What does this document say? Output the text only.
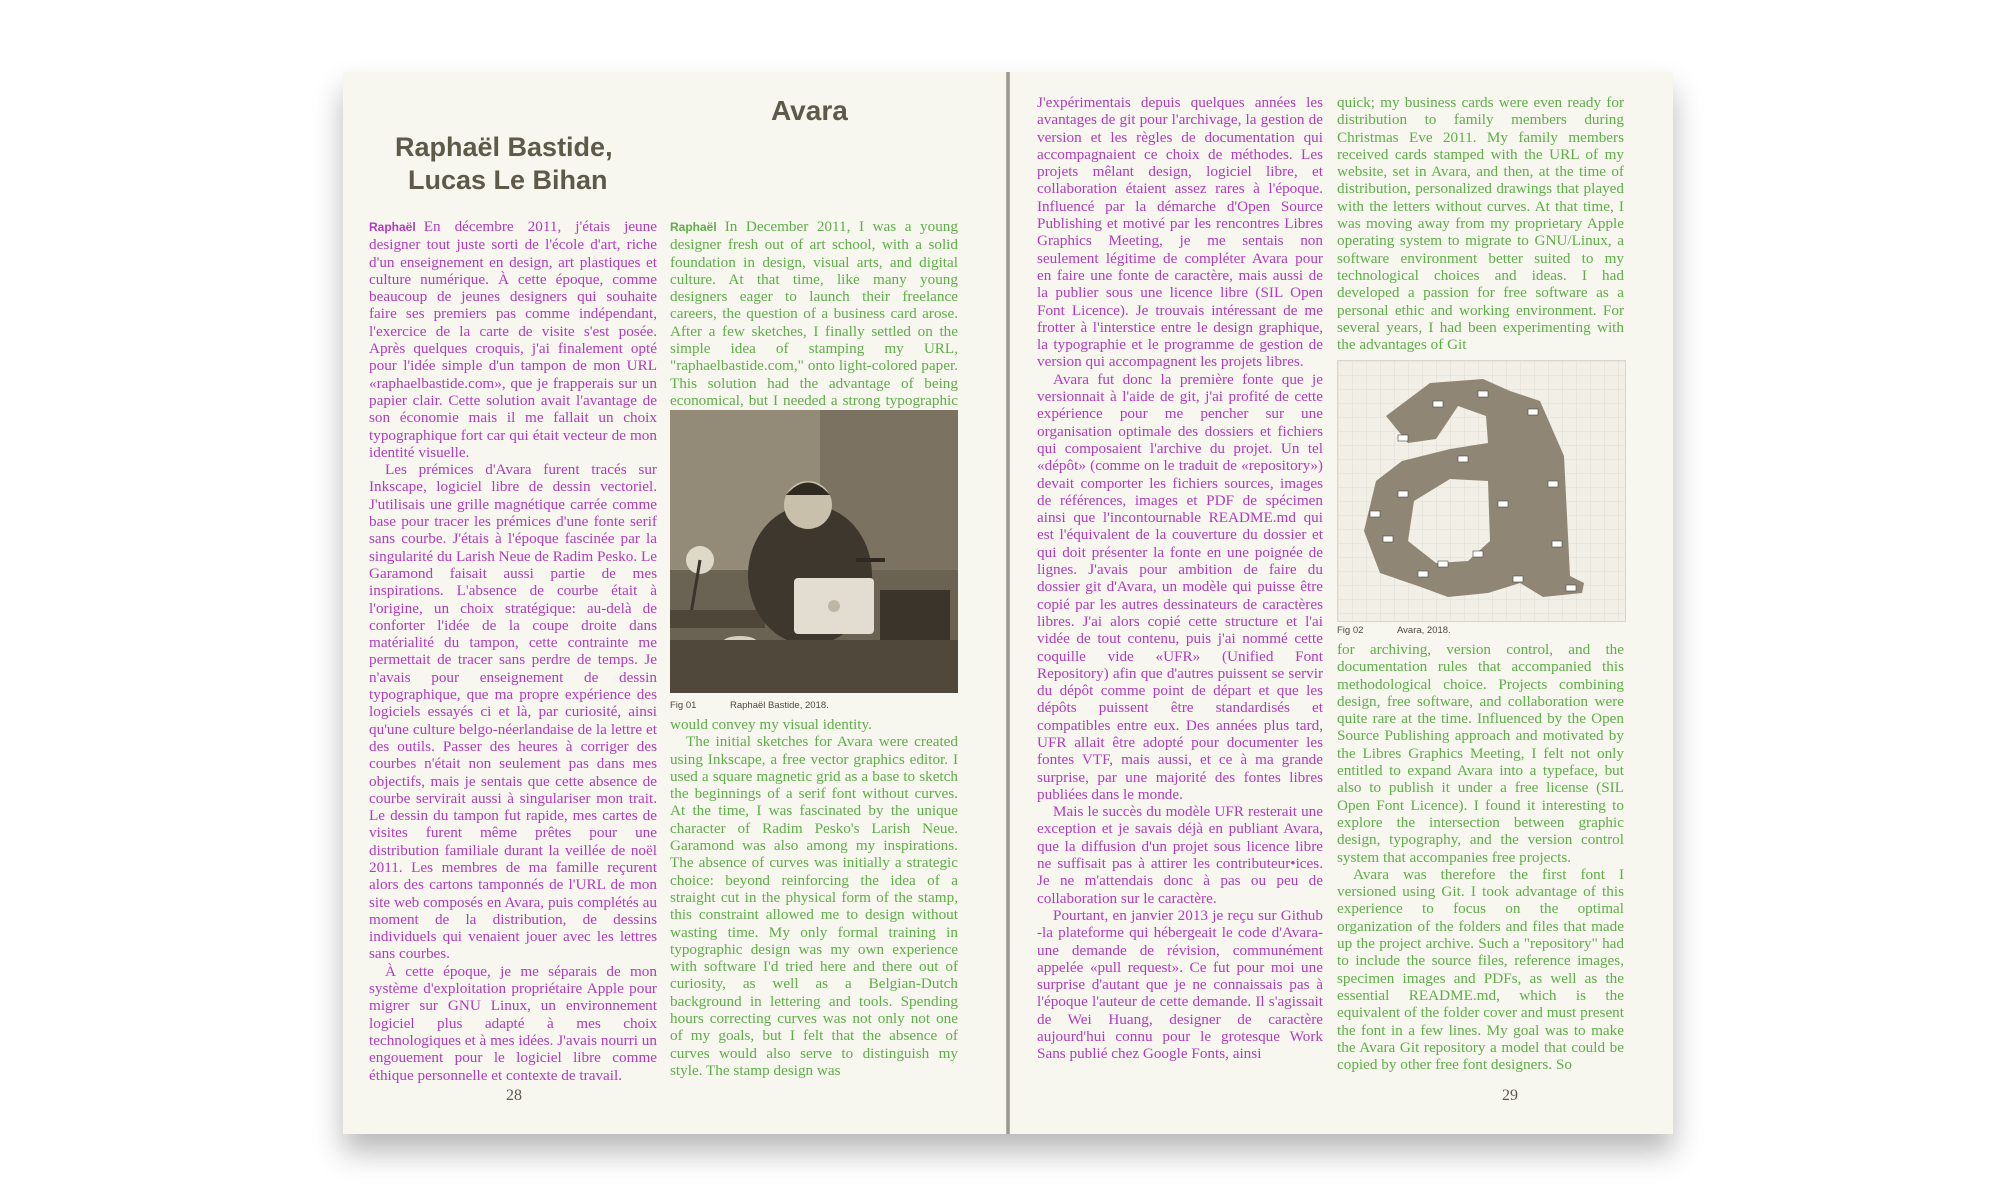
Avara
Raphaël Bastide,
Lucas Le Bihan

Raphaël En décembre 2011, j'étais jeune designer tout juste sorti de l'école d'art, riche d'un enseignement en design, art plastiques et culture numérique. À cette époque, comme beaucoup de jeunes designers qui souhaite faire ses premiers pas comme indépendant, l'exercice de la carte de visite s'est posée. Après quelques croquis, j'ai finalement opté pour l'idée simple d'un tampon de mon URL «raphaelbastide.com», que je frapperais sur un papier clair. Cette solution avait l'avantage de son économie mais il me fallait un choix typographique fort car qui était vecteur de mon identité visuelle.

Les prémices d'Avara furent tracés sur Inkscape, logiciel libre de dessin vectoriel. J'utilisais une grille magnétique carrée comme base pour tracer les prémices d'une fonte serif sans courbe. J'étais à l'époque fascinée par la singularité du Larish Neue de Radim Pesko. Le Garamond faisait aussi partie de mes inspirations. L'absence de courbe était à l'origine, un choix stratégique: au-delà de conforter l'idée de la coupe droite dans matérialité du tampon, cette contrainte me permettait de tracer sans perdre de temps. Je n'avais pour enseignement de dessin typographique, que ma propre expérience des logiciels essayés ci et là, par curiosité, ainsi qu'une culture belgo-néerlandaise de la lettre et des outils. Passer des heures à corriger des courbes n'était non seulement pas dans mes objectifs, mais je sentais que cette absence de courbe servirait aussi à singulariser mon trait. Le dessin du tampon fut rapide, mes cartes de visites furent même prêtes pour une distribution familiale durant la veillée de noël 2011. Les membres de ma famille reçurent alors des cartons tamponnés de l'URL de mon site web composés en Avara, puis complétés au moment de la distribution, de dessins individuels qui venaient jouer avec les lettres sans courbes.

À cette époque, je me séparais de mon système d'exploitation propriétaire Apple pour migrer sur GNU Linux, un environnement logiciel plus adapté à mes choix technologiques et à mes idées. J'avais nourri un engouement pour le logiciel libre comme éthique personnelle et contexte de travail.

Raphaël In December 2011, I was a young designer fresh out of art school, with a solid foundation in design, visual arts, and digital culture. At that time, like many young designers eager to launch their freelance careers, the question of a business card arose. After a few sketches, I finally settled on the simple idea of stamping my URL, "raphaelbastide.com," onto light-colored paper. This solution had the advantage of being economical, but I needed a strong typographic

Fig 01	Raphaël Bastide, 2018.

would convey my visual identity.

The initial sketches for Avara were created using Inkscape, a free vector graphics editor. I used a square magnetic grid as a base to sketch the beginnings of a serif font without curves. At the time, I was fascinated by the unique character of Radim Pesko's Larish Neue. Garamond was also among my inspirations. The absence of curves was initially a strategic choice: beyond reinforcing the idea of a straight cut in the physical form of the stamp, this constraint allowed me to design without wasting time. My only formal training in typographic design was my own experience with software I'd tried here and there out of curiosity, as well as a Belgian-Dutch background in lettering and tools. Spending hours correcting curves was not only not one of my goals, but I felt that the absence of curves would also serve to distinguish my style. The stamp design was

28

J'expérimentais depuis quelques années les avantages de git pour l'archivage, la gestion de version et les règles de documentation qui accompagnaient ce choix de méthodes. Les projets mêlant design, logiciel libre, et collaboration étaient assez rares à l'époque. Influencé par la démarche d'Open Source Publishing et motivé par les rencontres Libres Graphics Meeting, je me sentais non seulement légitime de compléter Avara pour en faire une fonte de caractère, mais aussi de la publier sous une licence libre (SIL Open Font Licence). Je trouvais intéressant de me frotter à l'interstice entre le design graphique, la typographie et le programme de gestion de version qui accompagnent les projets libres.

Avara fut donc la première fonte que je versionnait à l'aide de git, j'ai profité de cette expérience pour me pencher sur une organisation optimale des dossiers et fichiers qui composaient l'archive du projet. Un tel «dépôt» (comme on le traduit de «repository») devait comporter les fichiers sources, images de références, images et PDF de spécimen ainsi que l'incontournable README.md qui est l'équivalent de la couverture du dossier et qui doit présenter la fonte en une poignée de lignes. J'avais pour ambition de faire du dossier git d'Avara, un modèle qui puisse être copié par les autres dessinateurs de caractères libres. J'ai alors copié cette structure et l'ai vidée de tout contenu, puis j'ai nommé cette coquille vide «UFR» (Unified Font Repository) afin que d'autres puissent se servir du dépôt comme point de départ et que les dépôts puissent être standardisés et compatibles entre eux. Des années plus tard, UFR allait être adopté pour documenter les fontes VTF, mais aussi, et ce à ma grande surprise, par une majorité des fontes libres publiées dans le monde.

Mais le succès du modèle UFR resterait une exception et je savais déjà en publiant Avara, que la diffusion d'un projet sous licence libre ne suffisait pas à attirer les contributeur•ices. Je ne m'attendais donc à pas ou peu de collaboration sur le caractère.

Pourtant, en janvier 2013 je reçu sur Github -la plateforme qui hébergeait le code d'Avara- une demande de révision, communément appelée «pull request». Ce fut pour moi une surprise d'autant que je ne connaissais pas à l'époque l'auteur de cette demande. Il s'agissait de Wei Huang, designer de caractère aujourd'hui connu pour le grotesque Work Sans publié chez Google Fonts, ainsi

quick; my business cards were even ready for distribution to family members during Christmas Eve 2011. My family members received cards stamped with the URL of my website, set in Avara, and then, at the time of distribution, personalized drawings that played with the letters without curves. At that time, I was moving away from my proprietary Apple operating system to migrate to GNU/Linux, a software environment better suited to my technological choices and ideas. I had developed a passion for free software as a personal ethic and working environment. For several years, I had been experimenting with the advantages of Git

Fig 02	Avara, 2018.

for archiving, version control, and the documentation rules that accompanied this methodological choice. Projects combining design, free software, and collaboration were quite rare at the time. Influenced by the Open Source Publishing approach and motivated by the Libres Graphics Meeting, I felt not only entitled to expand Avara into a typeface, but also to publish it under a free license (SIL Open Font Licence). I found it interesting to explore the intersection between graphic design, typography, and the version control system that accompanies free projects.

Avara was therefore the first font I versioned using Git. I took advantage of this experience to focus on the optimal organization of the folders and files that made up the project archive. Such a "repository" had to include the source files, reference images, specimen images and PDFs, as well as the essential README.md, which is the equivalent of the folder cover and must present the font in a few lines. My goal was to make the Avara Git repository a model that could be copied by other free font designers. So

29
